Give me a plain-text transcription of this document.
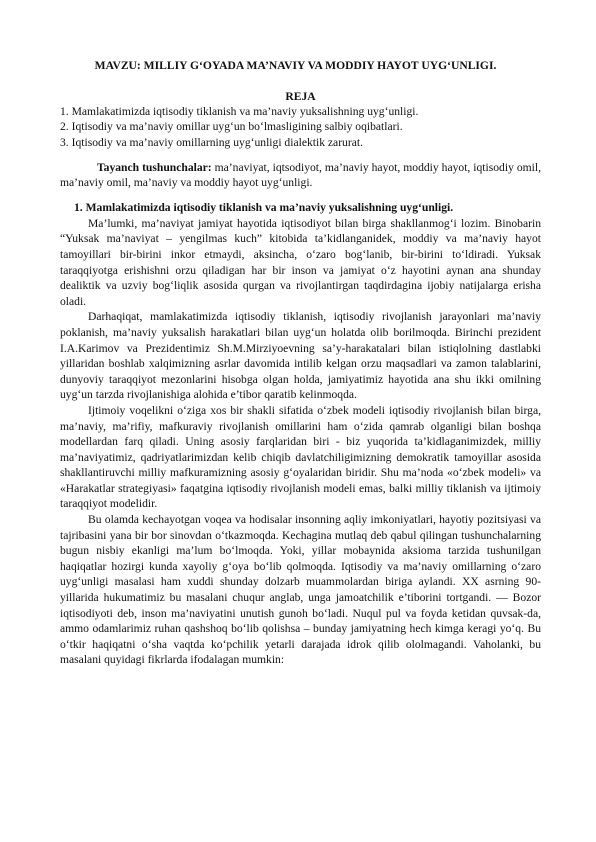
MAVZU: MILLIY G‘OYADA MA’NAVIY VA MODDIY HAYOT UYG‘UNLIGI.
REJA
1. Mamlakatimizda iqtisodiy tiklanish va ma’naviy yuksalishning uyg‘unligi.
2. Iqtisodiy va ma’naviy omillar uyg‘un bo‘lmasligining salbiy oqibatlari.
3. Iqtisodiy va ma’naviy omillarning uyg‘unligi dialektik zarurat.
Tayanch tushunchalar: ma’naviyat, iqtsodiyot, ma’naviy hayot, moddiy hayot, iqtisodiy omil, ma’naviy omil, ma’naviy va moddiy hayot uyg‘unligi.
1. Mamlakatimizda iqtisodiy tiklanish va ma’naviy yuksalishning uyg‘unligi.
Ma’lumki, ma’naviyat jamiyat hayotida iqtisodiyot bilan birga shakllanmog‘i lozim. Binobarin “Yuksak ma’naviyat – yengilmas kuch” kitobida ta’kidlanganidek, moddiy va ma’naviy hayot tamoyillari bir-birini inkor etmaydi, aksincha, o‘zaro bog‘lanib, bir-birini to‘ldiradi. Yuksak taraqqiyotga erishishni orzu qiladigan har bir inson va jamiyat o‘z hayotini aynan ana shunday dealiktik va uzviy bog‘liqlik asosida qurgan va rivojlantirgan taqdirdagina ijobiy natijalarga erisha oladi.
Darhaqiqat, mamlakatimizda iqtisodiy tiklanish, iqtisodiy rivojlanish jarayonlari ma’naviy poklanish, ma’naviy yuksalish harakatlari bilan uyg‘un holatda olib borilmoqda. Birinchi prezident I.A.Karimov va Prezidentimiz Sh.M.Mirziyoevning sa’y-harakatalari bilan istiqlolning dastlabki yillaridan boshlab xalqimizning asrlar davomida intilib kelgan orzu maqsadlari va zamon talablarini, dunyoviy taraqqiyot mezonlarini hisobga olgan holda, jamiyatimiz hayotida ana shu ikki omilning uyg‘un tarzda rivojlanishiga alohida e’tibor qaratib kelinmoqda.
Ijtimoiy voqelikni o‘ziga xos bir shakli sifatida o‘zbek modeli iqtisodiy rivojlanish bilan birga, ma’naviy, ma’rifiy, mafkuraviy rivojlanish omillarini ham o‘zida qamrab olganligi bilan boshqa modellardan farq qiladi. Uning asosiy farqlaridan biri - biz yuqorida ta’kidlaganimizdek, milliy ma’naviyatimiz, qadriyatlarimizdan kelib chiqib davlatchiligimizning demokratik tamoyillar asosida shakllantiruvchi milliy mafkuramizning asosiy g‘oyalaridan biridir. Shu ma’noda «o‘zbek modeli» va «Harakatlar strategiyasi» faqatgina iqtisodiy rivojlanish modeli emas, balki milliy tiklanish va ijtimoiy taraqqiyot modelidir.
Bu olamda kechayotgan voqea va hodisalar insonning aqliy imkoniyatlari, hayotiy pozitsiyasi va tajribasini yana bir bor sinovdan o‘tkazmoqda. Kechagina mutlaq deb qabul qilingan tushunchalarning bugun nisbiy ekanligi ma’lum bo‘lmoqda. Yoki, yillar mobaynida aksioma tarzida tushunilgan haqiqatlar hozirgi kunda xayoliy g‘oya bo‘lib qolmoqda. Iqtisodiy va ma’naviy omillarning o‘zaro uyg‘unligi masalasi ham xuddi shunday dolzarb muammolardan biriga aylandi. XX asrning 90-yillarida hukumatimiz bu masalani chuqur anglab, unga jamoatchilik e’tiborini tortgandi. — Bozor iqtisodiyoti deb, inson ma’naviyatini unutish gunoh bo‘ladi. Nuqul pul va foyda ketidan quvsak-da, ammo odamlarimiz ruhan qashshoq bo‘lib qolishsa – bunday jamiyatning hech kimga keragi yo‘q. Bu o‘tkir haqiqatni o‘sha vaqtda ko‘pchilik yetarli darajada idrok qilib ololmagandi. Vaholanki, bu masalani quyidagi fikrlarda ifodalagan mumkin:
